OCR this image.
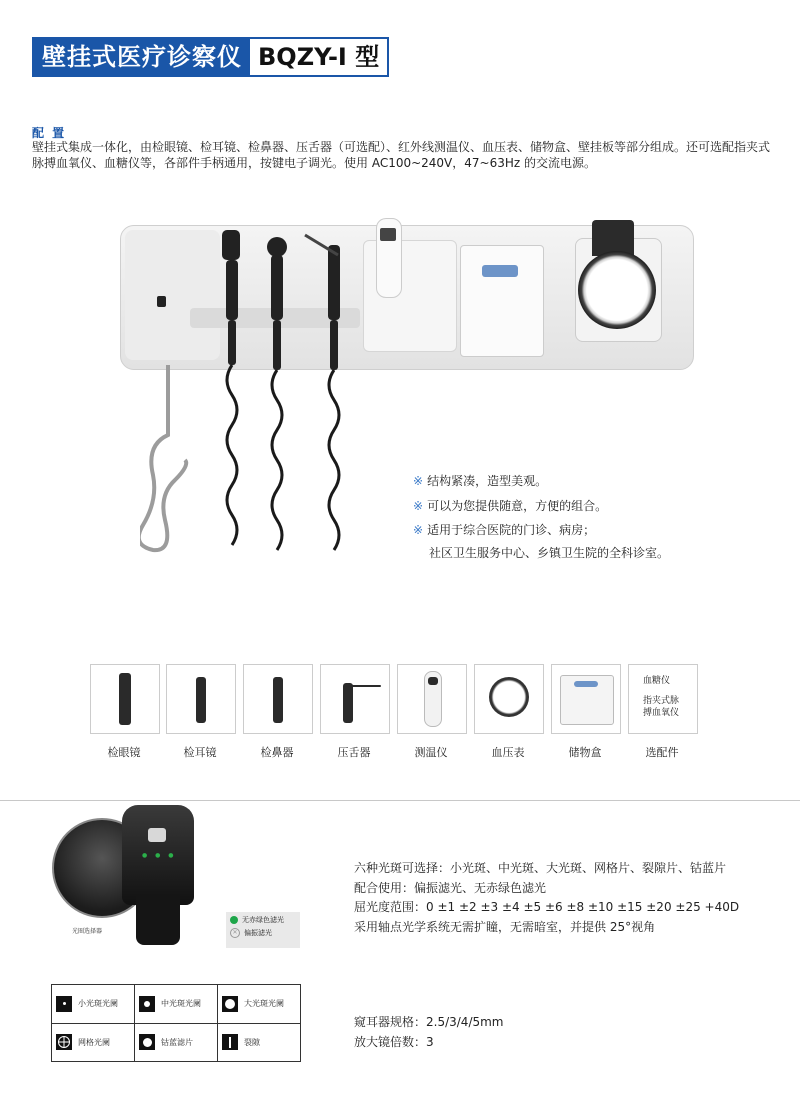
壁挂式医疗诊察仪 BQZY-I 型
配 置
壁挂式集成一体化，由检眼镜、检耳镜、检鼻器、压舌器（可选配）、红外线测温仪、血压表、储物盒、壁挂板等部分组成。还可选配指夹式脉搏血氧仪、血糖仪等，各部件手柄通用，按键电子调光。使用 AC100~240V，47~63Hz 的交流电源。
※ 结构紧凑，造型美观。
※ 可以为您提供随意，方便的组合。
※ 适用于综合医院的门诊、病房；
社区卫生服务中心、乡镇卫生院的全科诊室。
检眼镜	检耳镜	检鼻器	压舌器	测温仪	血压表	储物盒
血糖仪
指夹式脉
搏血氧仪
选配件
● ● ●
光圈选择器
无赤绿色滤光
✕ 偏振滤光
小光斑光阑	中光斑光阑	大光斑光阑

网格光阑	钴蓝滤片	裂隙
六种光斑可选择：小光斑、中光斑、大光斑、网格片、裂隙片、钴蓝片
配合使用：偏振滤光、无赤绿色滤光
屈光度范围：0 ±1 ±2 ±3 ±4 ±5 ±6 ±8 ±10 ±15 ±20 ±25 +40D
采用轴点光学系统无需扩瞳，无需暗室，并提供 25°视角
窥耳器规格：2.5/3/4/5mm
放大镜倍数：3
